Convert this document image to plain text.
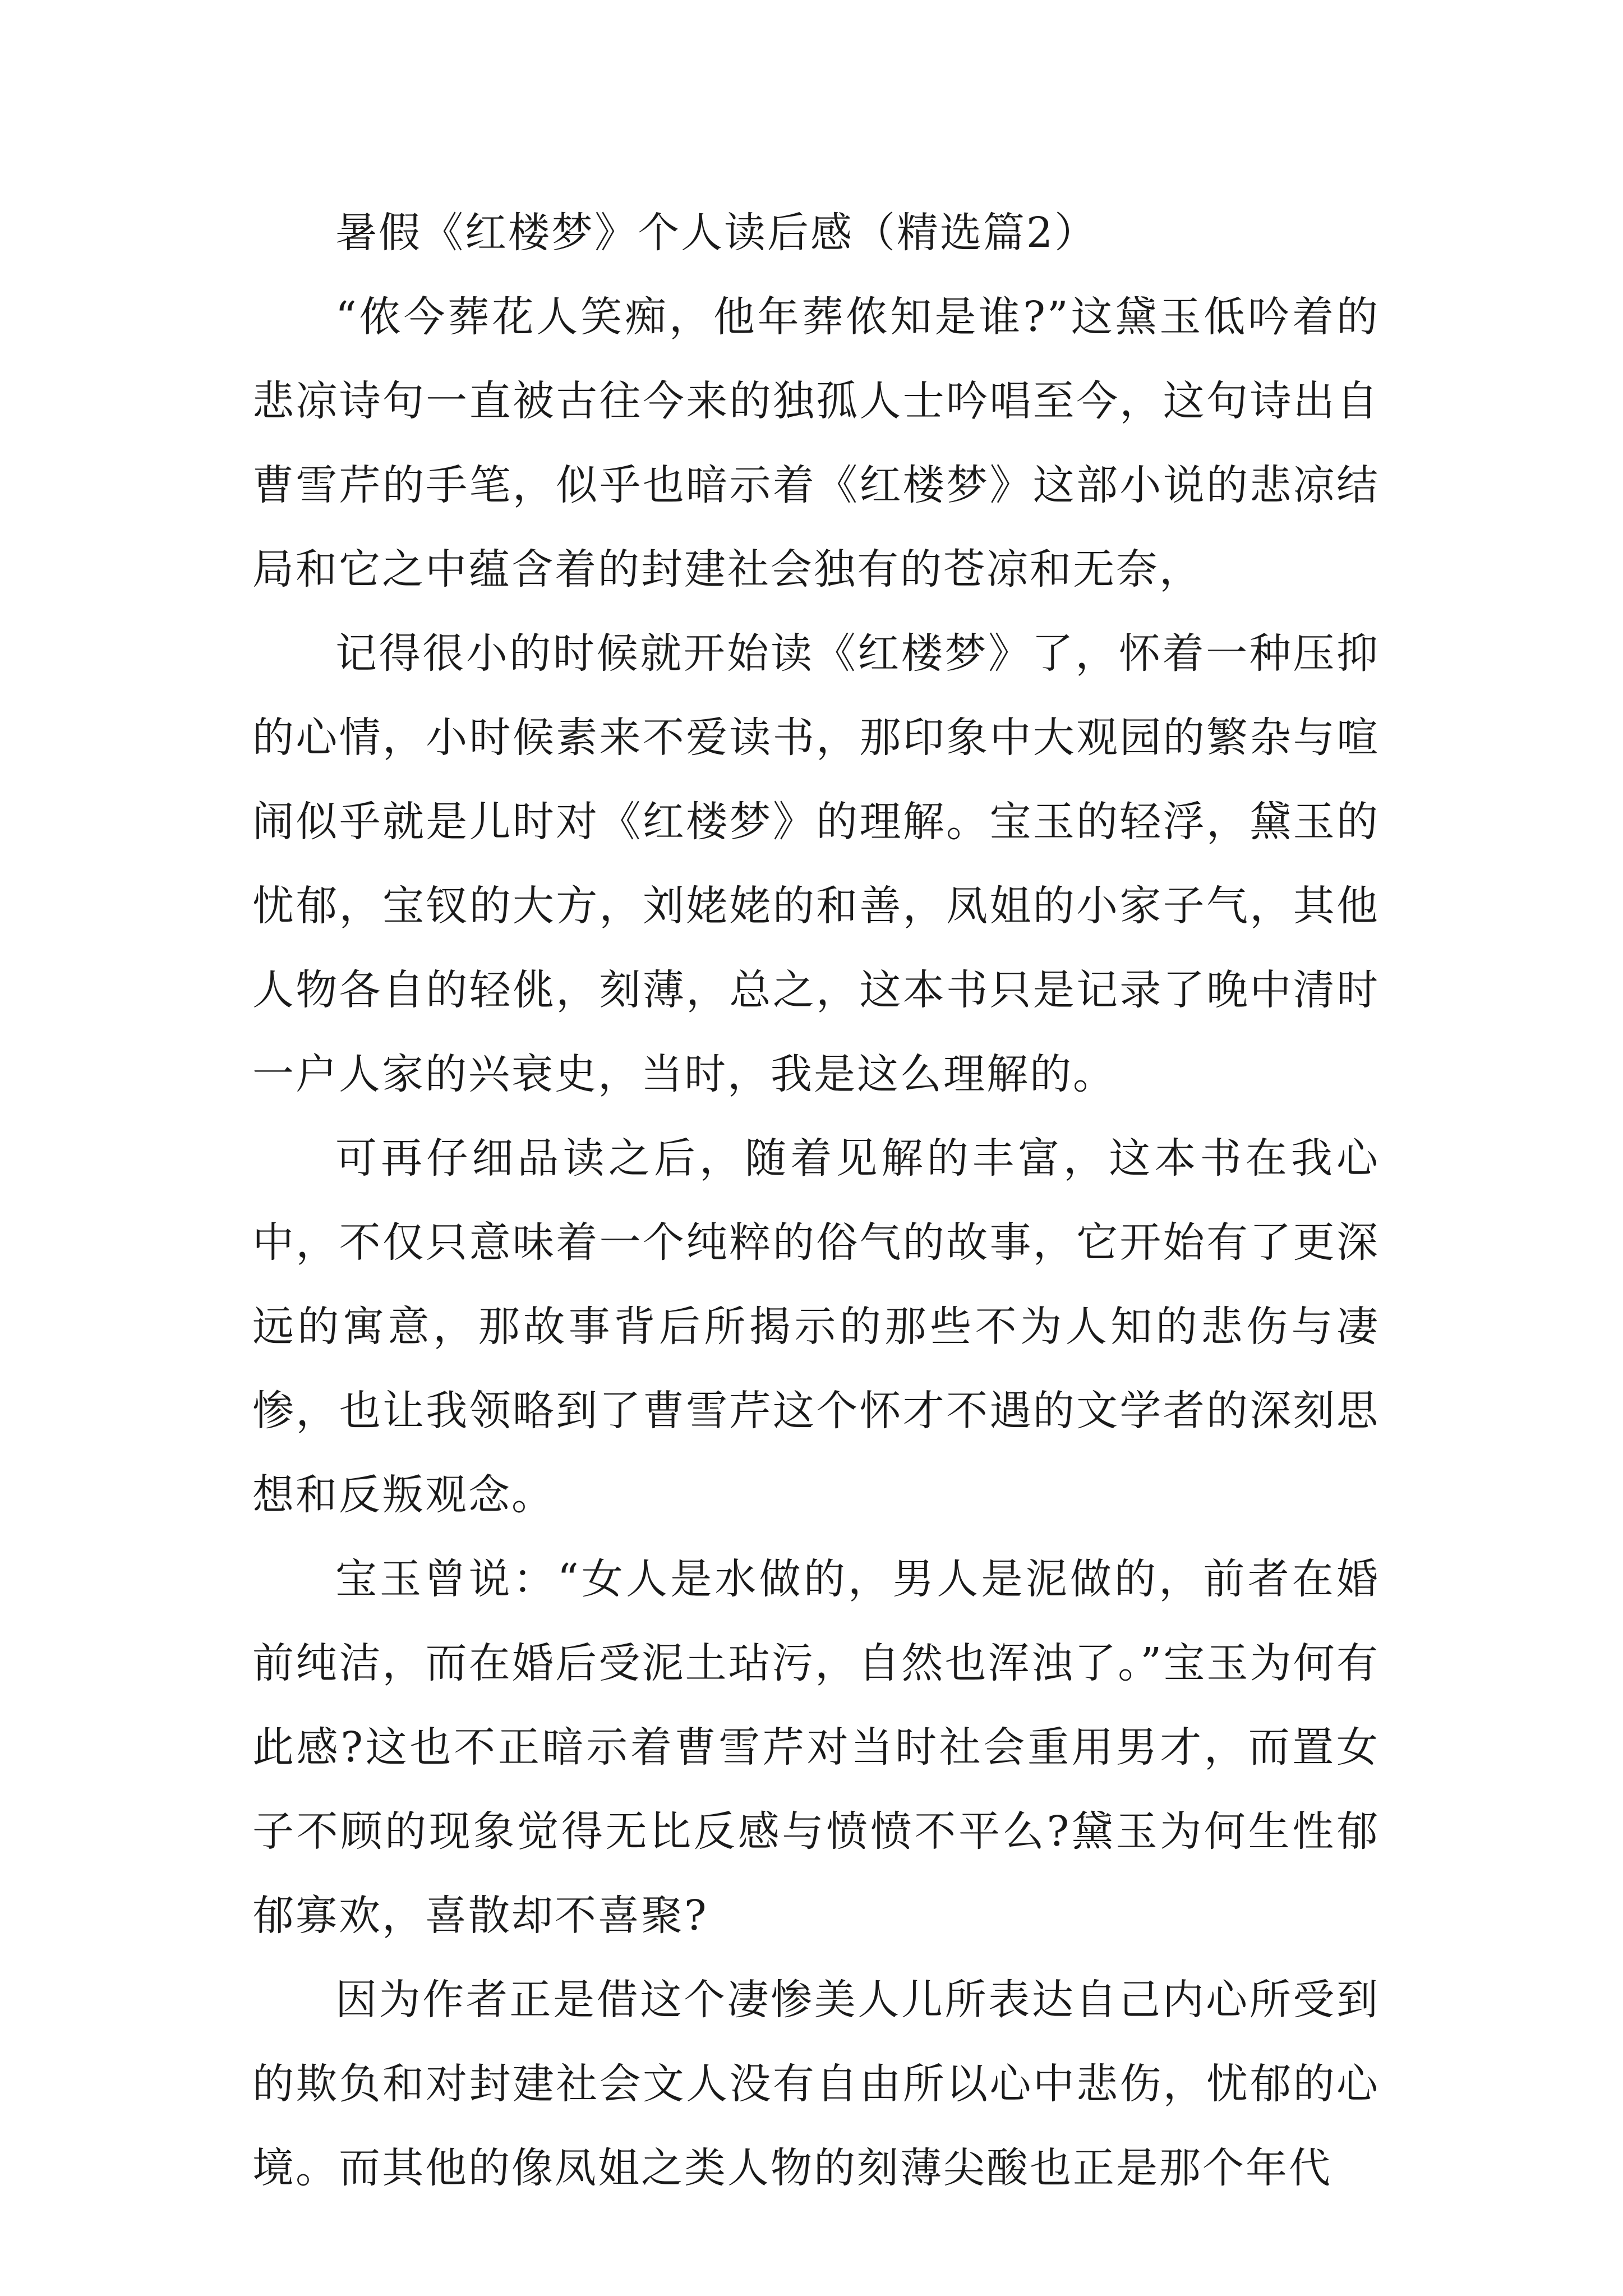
暑假《红楼梦》个人读后感（精选篇2）

“侬今葬花人笑痴，他年葬侬知是谁?”这黛玉低吟着的悲凉诗句一直被古往今来的独孤人士吟唱至今，这句诗出自曹雪芹的手笔，似乎也暗示着《红楼梦》这部小说的悲凉结局和它之中蕴含着的封建社会独有的苍凉和无奈，

记得很小的时候就开始读《红楼梦》了，怀着一种压抑的心情，小时候素来不爱读书，那印象中大观园的繁杂与喧闹似乎就是儿时对《红楼梦》的理解。宝玉的轻浮，黛玉的忧郁，宝钗的大方，刘姥姥的和善，凤姐的小家子气，其他人物各自的轻佻，刻薄，总之，这本书只是记录了晚中清时一户人家的兴衰史，当时，我是这么理解的。

可再仔细品读之后，随着见解的丰富，这本书在我心中，不仅只意味着一个纯粹的俗气的故事，它开始有了更深远的寓意，那故事背后所揭示的那些不为人知的悲伤与凄惨，也让我领略到了曹雪芹这个怀才不遇的文学者的深刻思想和反叛观念。

宝玉曾说：“女人是水做的，男人是泥做的，前者在婚前纯洁，而在婚后受泥土玷污，自然也浑浊了。”宝玉为何有此感?这也不正暗示着曹雪芹对当时社会重用男才，而置女子不顾的现象觉得无比反感与愤愤不平么?黛玉为何生性郁郁寡欢，喜散却不喜聚?

因为作者正是借这个凄惨美人儿所表达自己内心所受到的欺负和对封建社会文人没有自由所以心中悲伤，忧郁的心境。而其他的像凤姐之类人物的刻薄尖酸也正是那个年代
